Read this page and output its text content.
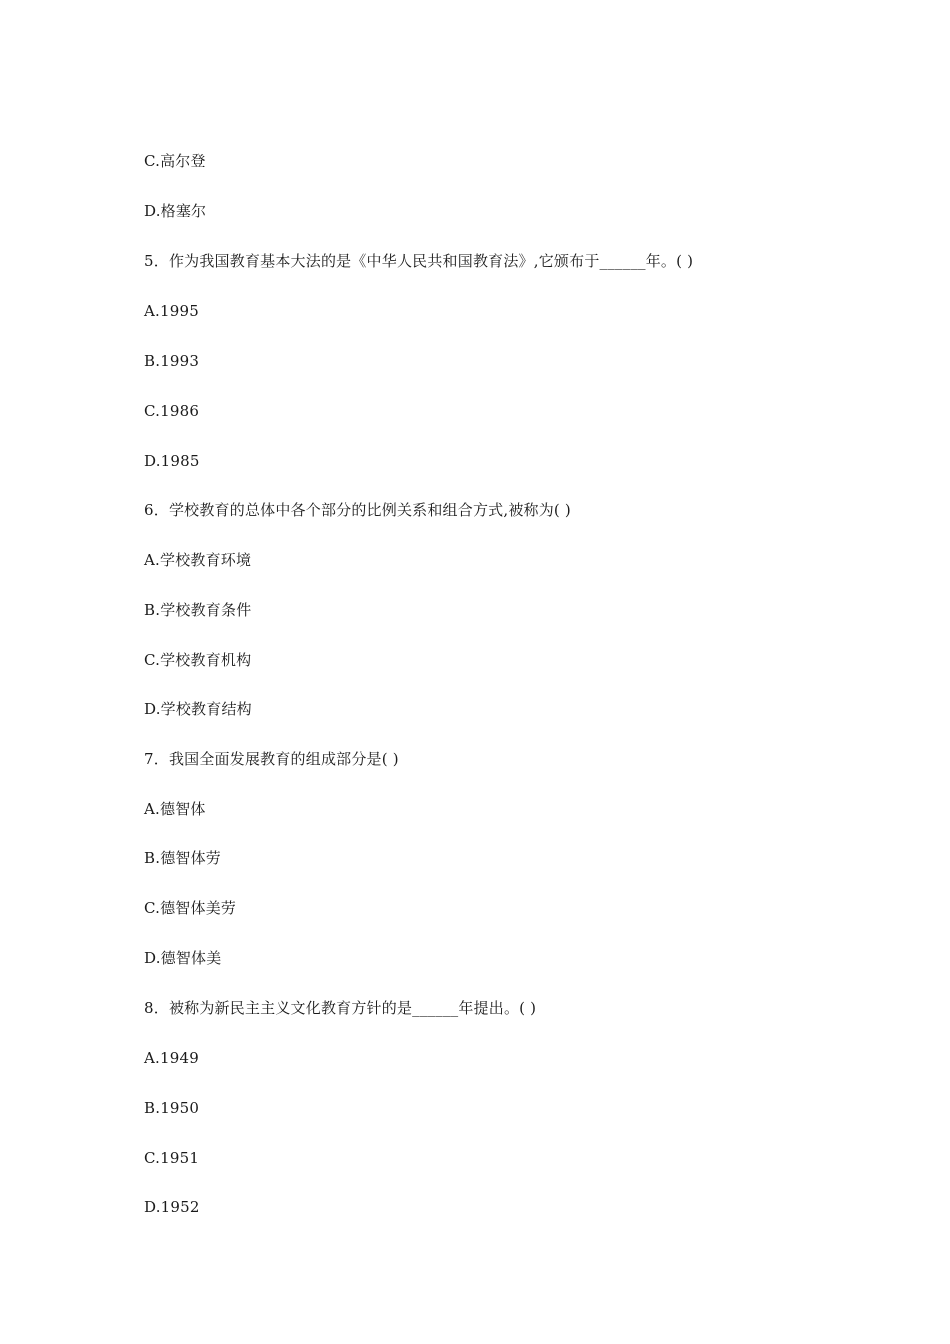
C.高尔登
D.格塞尔
5．作为我国教育基本大法的是《中华人民共和国教育法》,它颁布于______年。( )
A.1995
B.1993
C.1986
D.1985
6．学校教育的总体中各个部分的比例关系和组合方式,被称为( )
A.学校教育环境
B.学校教育条件
C.学校教育机构
D.学校教育结构
7．我国全面发展教育的组成部分是( )
A.德智体
B.德智体劳
C.德智体美劳
D.德智体美
8．被称为新民主主义文化教育方针的是______年提出。( )
A.1949
B.1950
C.1951
D.1952
